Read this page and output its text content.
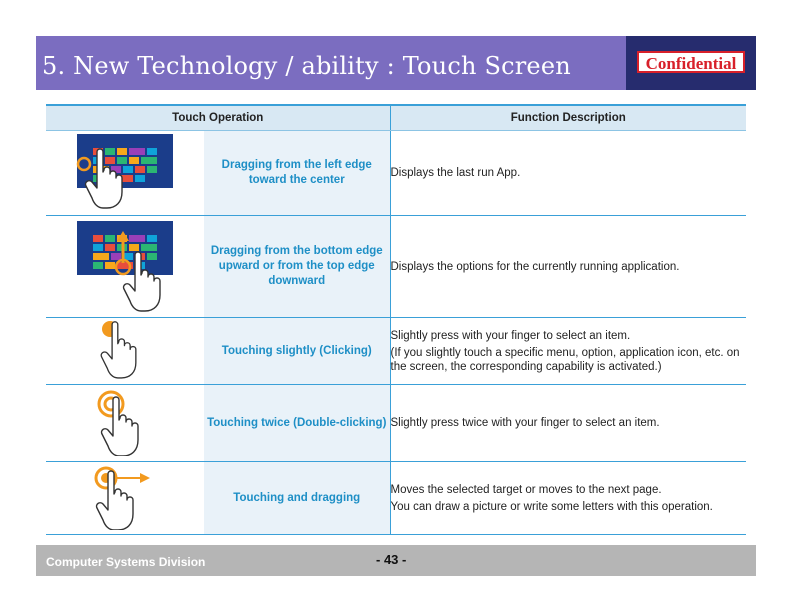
5. New Technology / ability : Touch Screen	Confidential
Touch Operation		Function Description
	Dragging from the left edge toward the center	Displays the last run App.

	Dragging from the bottom edge upward or from the top edge downward	Displays the options for the currently running application.

	Touching slightly (Clicking)	Slightly press with your finger to select an item.

(If you slightly touch a specific menu, option, application icon, etc. on the screen, the corresponding capability is activated.)

	Touching twice (Double-clicking)	Slightly press twice with your finger to select an item.

	Touching and dragging	Moves the selected target or moves to the next page.

You can draw a picture or write some letters with this operation.

Computer Systems Division	- 43 -
